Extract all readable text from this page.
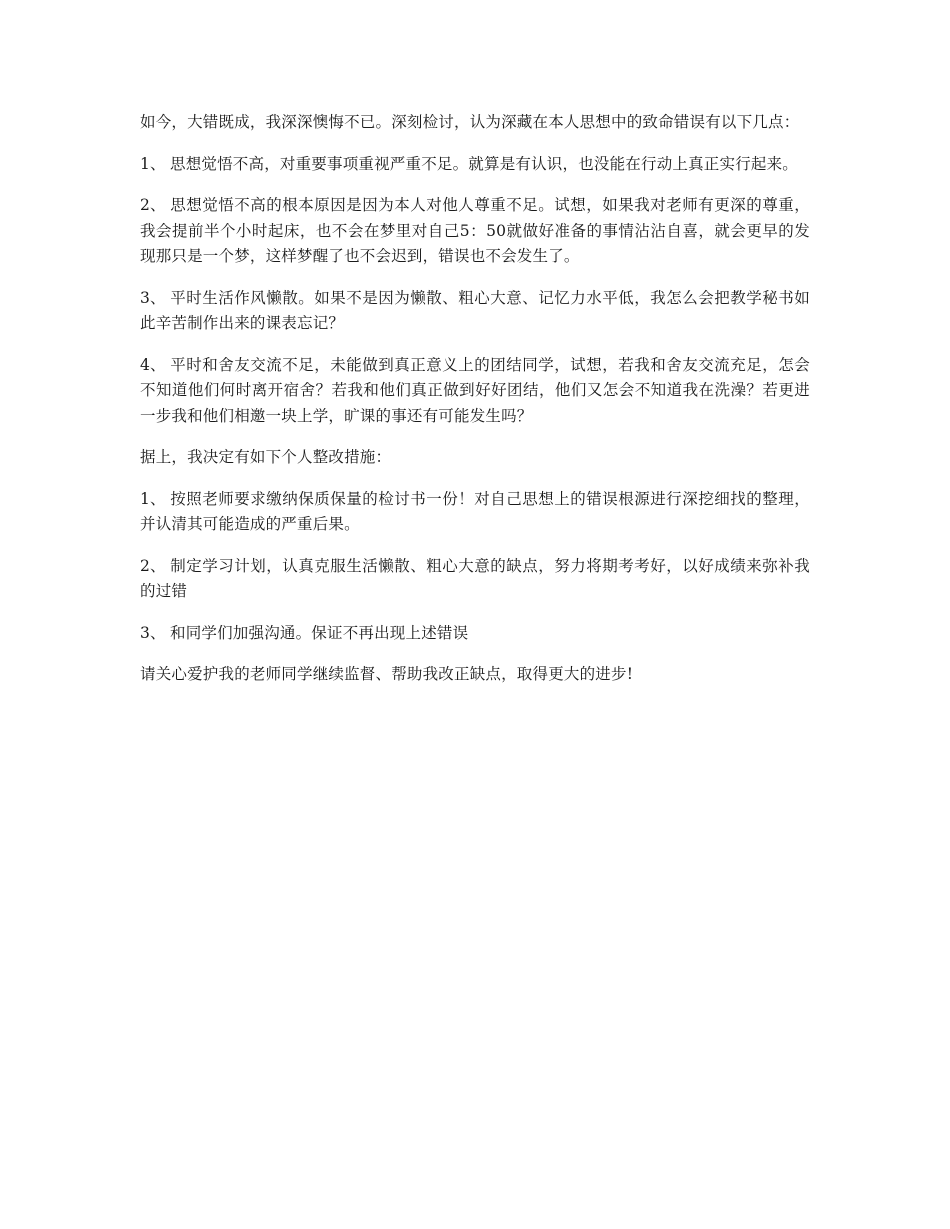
如今，大错既成，我深深懊悔不已。深刻检讨，认为深藏在本人思想中的致命错误有以下几点：

1、 思想觉悟不高，对重要事项重视严重不足。就算是有认识，也没能在行动上真正实行起来。

2、 思想觉悟不高的根本原因是因为本人对他人尊重不足。试想，如果我对老师有更深的尊重，我会提前半个小时起床，也不会在梦里对自己5：50就做好准备的事情沾沾自喜，就会更早的发现那只是一个梦，这样梦醒了也不会迟到，错误也不会发生了。

3、 平时生活作风懒散。如果不是因为懒散、粗心大意、记忆力水平低，我怎么会把教学秘书如此辛苦制作出来的课表忘记？

4、 平时和舍友交流不足，未能做到真正意义上的团结同学，试想，若我和舍友交流充足，怎会不知道他们何时离开宿舍？若我和他们真正做到好好团结，他们又怎会不知道我在洗澡？若更进一步我和他们相邀一块上学，旷课的事还有可能发生吗？

据上，我决定有如下个人整改措施：

1、 按照老师要求缴纳保质保量的检讨书一份！对自己思想上的错误根源进行深挖细找的整理，并认清其可能造成的严重后果。

2、 制定学习计划，认真克服生活懒散、粗心大意的缺点，努力将期考考好，以好成绩来弥补我的过错

3、 和同学们加强沟通。保证不再出现上述错误

请关心爱护我的老师同学继续监督、帮助我改正缺点，取得更大的进步!
